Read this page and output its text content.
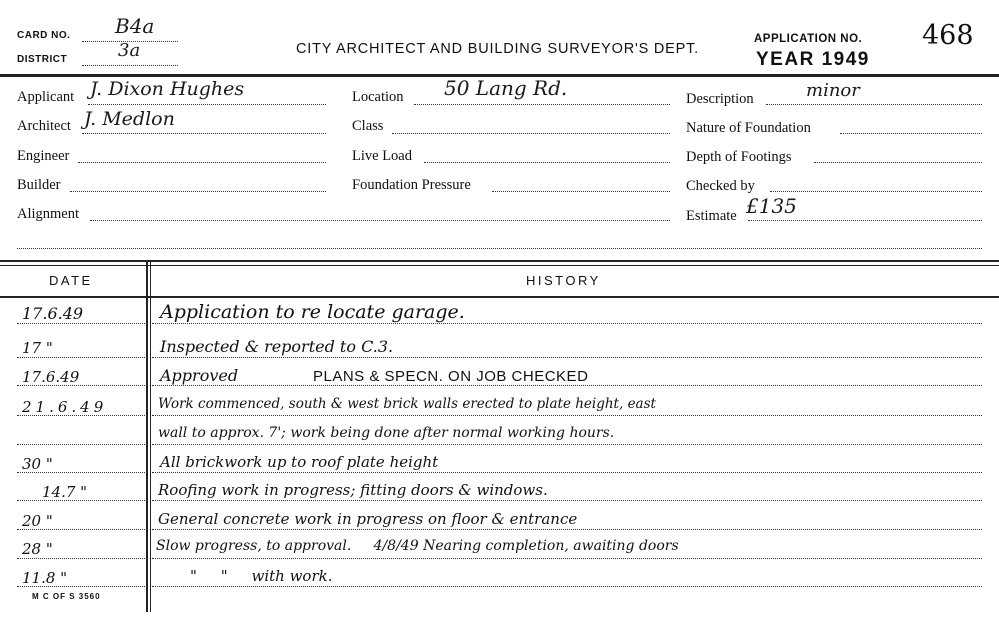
CARD NO. B4a
DISTRICT	3a	CITY ARCHITECT AND BUILDING SURVEYOR'S DEPT.
APPLICATION NO. 468
YEAR 1949
Applicant J. Dixon Hughes
Architect J. Medlon
Engineer
Builder
Alignment
Location 50 Lang Rd.
Class
Live Load
Foundation Pressure
Description	minor
Nature of Foundation
Depth of Footings
Checked by
Estimate £135
DATE	HISTORY
17.6.49	Application to re locate garage.
17 "	Inspected & reported to C.3.
17.6.49	Approved	PLANS & SPECN. ON JOB CHECKED
21.6.49	Work commenced, south & west brick walls erected to plate height, east
wall to approx. 7'; work being done after normal working hours.
30 "	All brickwork up to roof plate height
14.7 "	Roofing work in progress; fitting doors & windows.
20 "	General concrete work in progress on floor & entrance
28 "	Slow progress, to approval.     4/8/49 Nearing completion, awaiting doors
11.8 "	"     "     with work.
M C OF S 3560
